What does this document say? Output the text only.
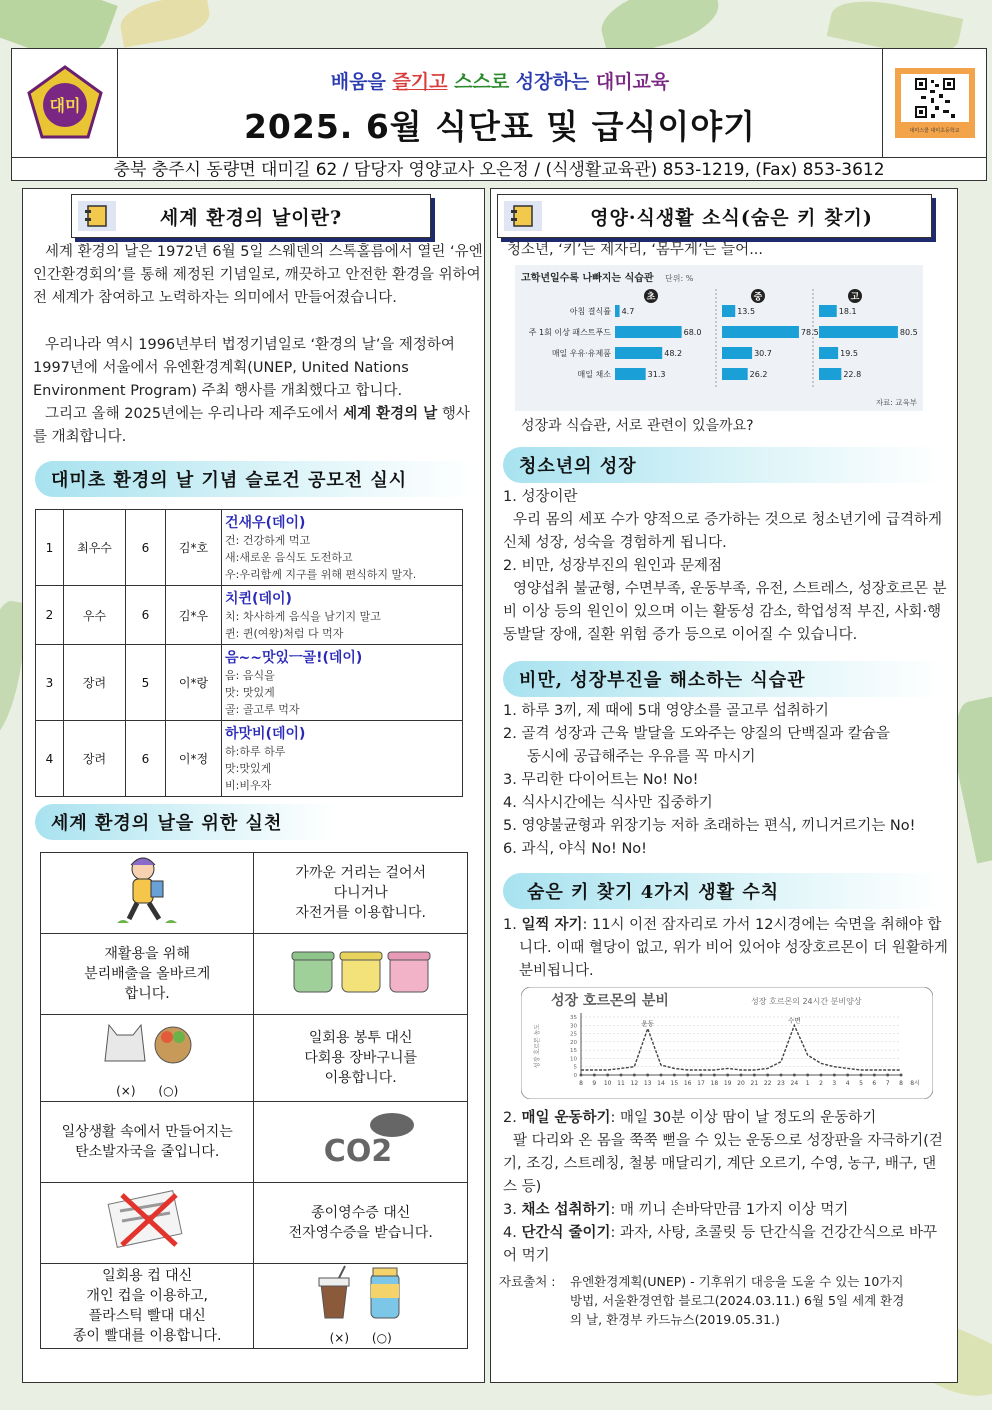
대미
배움을 즐기고 스스로 성장하는 대미교육
2025. 6월 식단표 및 급식이야기	대미스쿨 대미초등학교
충북 충주시 동량면 대미길 62 / 담당자 영양교사 오은정 / (식생활교육관) 853-1219, (Fax) 853-3612
세계 환경의 날이란?
세계 환경의 날은 1972년 6월 5일 스웨덴의 스톡홀름에서 열린 ‘유엔인간환경회의’를 통해 제정된 기념일로, 깨끗하고 안전한 환경을 위하여 전 세계가 참여하고 노력하자는 의미에서 만들어졌습니다.
우리나라 역시 1996년부터 법정기념일로 ‘환경의 날’을 제정하여 1997년에 서울에서 유엔환경계획(UNEP, United Nations Environment Program) 주최 행사를 개최했다고 합니다.
그리고 올해 2025년에는 우리나라 제주도에서 세계 환경의 날 행사를 개최합니다.
대미초 환경의 날 기념 슬로건 공모전 실시
1	최우수	6	김*호	건새우(데이)
건: 건강하게 먹고
새:새로운 음식도 도전하고
우:우리함께 지구를 위해 편식하지 말자.

2	우수	6	김*우	치퀸(데이)
치: 차사하게 음식을 남기지 말고
퀸: 퀸(여왕)처럼 다 먹자

3	장려	5	이*랑	음~~맛있ㅡ골!(데이)
음: 음식을
맛: 맛있게
골: 골고루 먹자

4	장려	6	이*정	하맛비(데이)
하:하루 하루
맛:맛있게
비:비우자
세계 환경의 날을 위한 실천

가까운 거리는 걸어서
다니거나
자전거를 이용합니다.

재활용을 위해
분리배출을 올바르게
합니다.

(×) (○)	일회용 봉투 대신
다회용 장바구니를
이용합니다.

일상생활 속에서 만들어지는
탄소발자국을 줄입니다.	CO2

종이영수증 대신
전자영수증을 받습니다.

일회용 컵 대신
개인 컵을 이용하고,
플라스틱 빨대 대신
종이 빨대를 이용합니다.	(×) (○)
영양·식생활 소식(숨은 키 찾기)
청소년, ‘키’는 제자리, ‘몸무게’는 늘어...
고학년일수록 나빠지는 식습관 단위: %
자료: 교육부
아침 결식률
주 1회 이상 패스트푸드
매일 우유·유제품
매일 채소
초
4.7
68.0
48.2
31.3
중
13.5
78.5
30.7
26.2
고
18.1
80.5
19.5
22.8
성장과 식습관, 서로 관련이 있을까요?
청소년의 성장
1. 성장이란
우리 몸의 세포 수가 양적으로 증가하는 것으로 청소년기에 급격하게 신체 성장, 성숙을 경험하게 됩니다.
2. 비만, 성장부진의 원인과 문제점
영양섭취 불균형, 수면부족, 운동부족, 유전, 스트레스, 성장호르몬 분비 이상 등의 원인이 있으며 이는 활동성 감소, 학업성적 부진, 사회·행동발달 장애, 질환 위험 증가 등으로 이어질 수 있습니다.
비만, 성장부진을 해소하는 식습관
1. 하루 3끼, 제 때에 5대 영양소를 골고루 섭취하기
2. 골격 성장과 근육 발달을 도와주는 양질의 단백질과 칼슘을
동시에 공급해주는 우유를 꼭 마시기
3. 무리한 다이어트는 No! No!
4. 식사시간에는 식사만 집중하기
5. 영양불균형과 위장기능 저하 초래하는 편식, 끼니거르기는 No!
6. 과식, 야식 No! No!
숨은 키 찾기 4가지 생활 수칙
1. 일찍 자기: 11시 이전 잠자리로 가서 12시경에는 숙면을 취해야 합니다. 이때 혈당이 없고, 위가 비어 있어야 성장호르몬이 더 원활하게 분비됩니다.
성장 호르몬의 분비	성장 호르몬의 24시간 분비양상
성장 호르몬 농도
0
5
10
15
20
25
30
35
8 9 10 11 12 13 14 15 16 17 18 19 20 21 22 23 24 1 2 3 4 5 6 7 8 8시
운동	수면
2. 매일 운동하기: 매일 30분 이상 땀이 날 정도의 운동하기
팔 다리와 온 몸을 쭉쭉 뻗을 수 있는 운동으로 성장판을 자극하기(걷기, 조깅, 스트레칭, 철봉 매달리기, 계단 오르기, 수영, 농구, 배구, 댄스 등)
3. 채소 섭취하기: 매 끼니 손바닥만큼 1가지 이상 먹기
4. 단간식 줄이기: 과자, 사탕, 초콜릿 등 단간식을 건강간식으로 바꾸어 먹기
자료출처 : 유엔환경계획(UNEP) - 기후위기 대응을 도울 수 있는 10가지
방법, 서울환경연합 블로그(2024.03.11.) 6월 5일 세계 환경
의 날, 환경부 카드뉴스(2019.05.31.)
